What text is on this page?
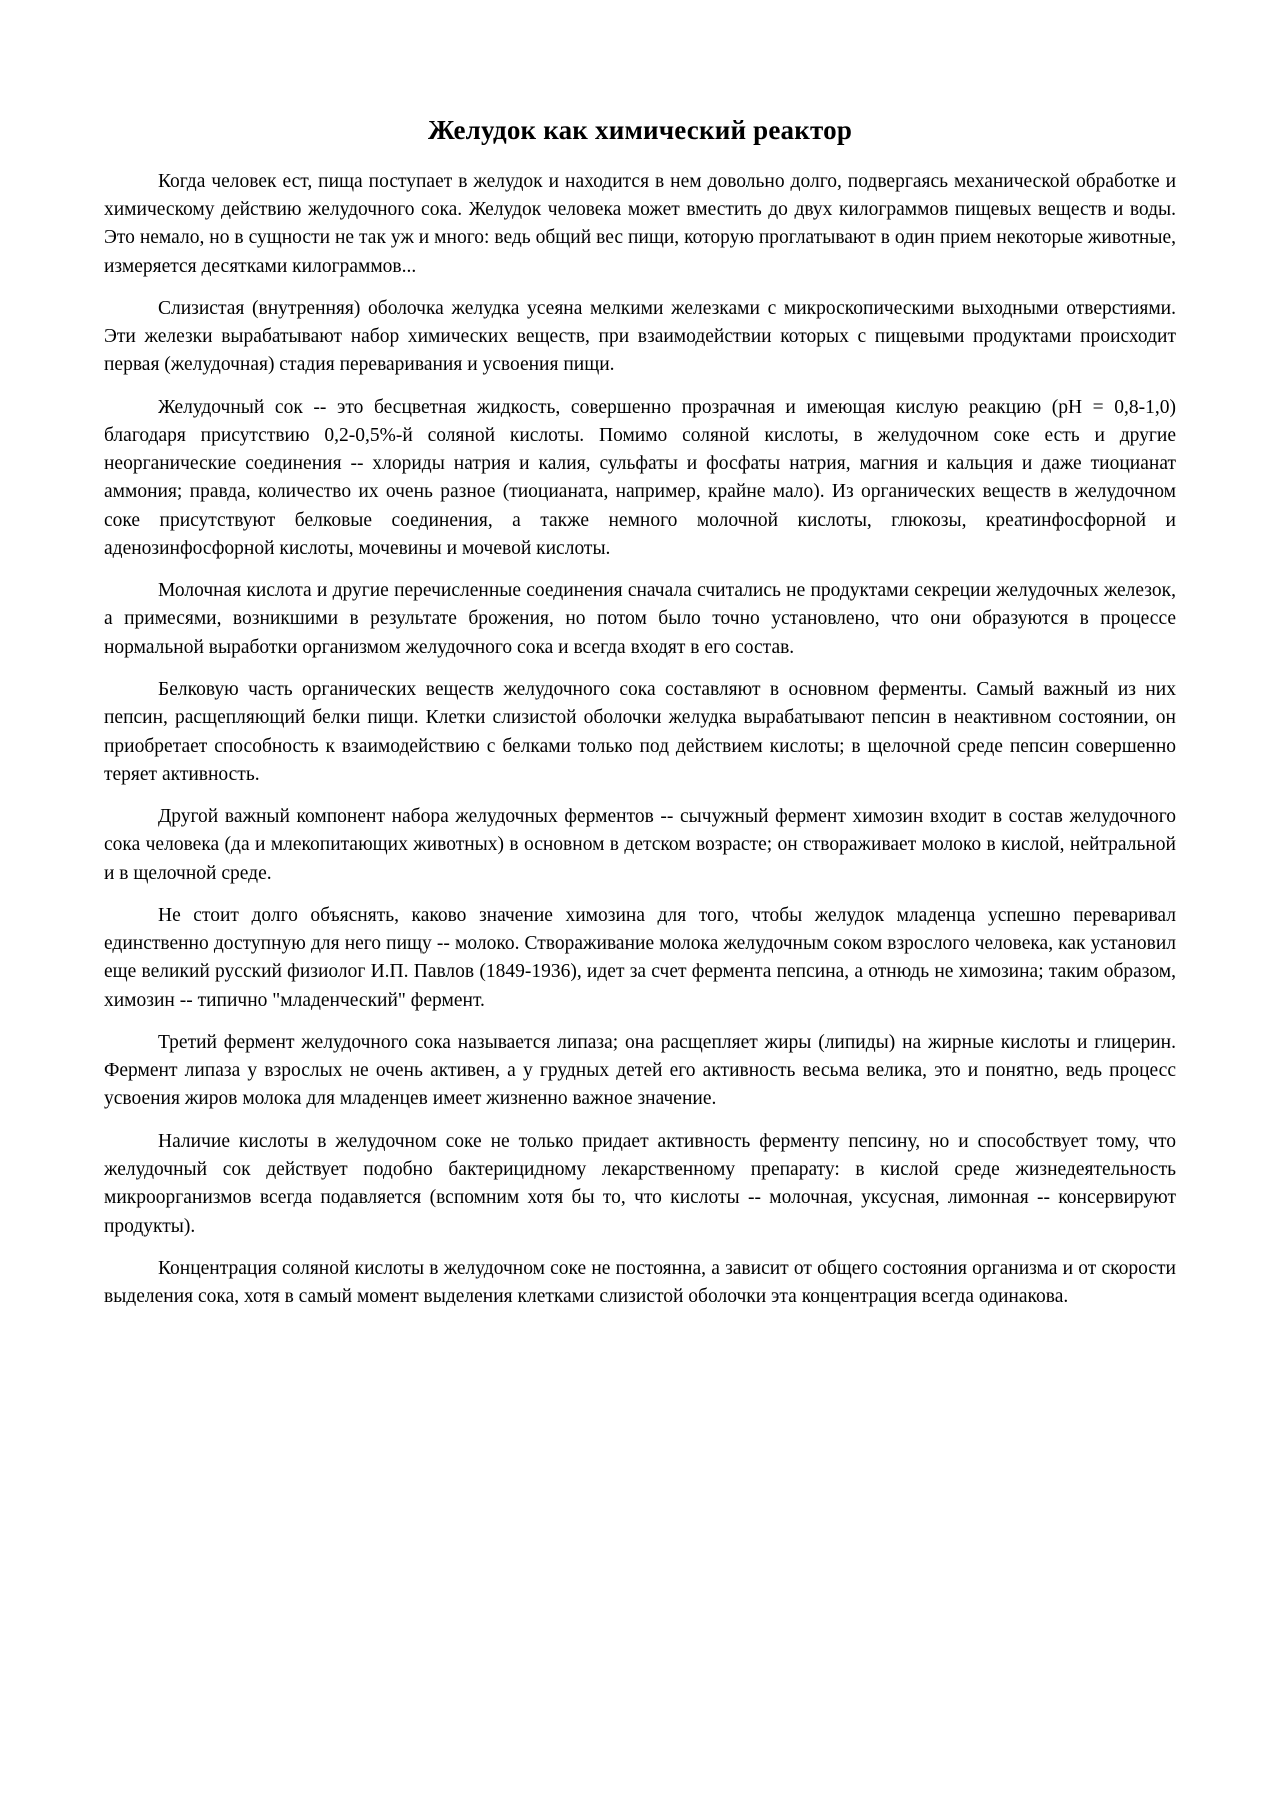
Желудок как химический реактор

Когда человек ест, пища поступает в желудок и находится в нем довольно долго, подвергаясь механической обработке и химическому действию желудочного сока. Желудок человека может вместить до двух килограммов пищевых веществ и воды. Это немало, но в сущности не так уж и много: ведь общий вес пищи, которую проглатывают в один прием некоторые животные, измеряется десятками килограммов...

Слизистая (внутренняя) оболочка желудка усеяна мелкими железками с микроскопическими выходными отверстиями. Эти железки вырабатывают набор химических веществ, при взаимодействии которых с пищевыми продуктами происходит первая (желудочная) стадия переваривания и усвоения пищи.

Желудочный сок -- это бесцветная жидкость, совершенно прозрачная и имеющая кислую реакцию (pH = 0,8-1,0) благодаря присутствию 0,2-0,5%-й соляной кислоты. Помимо соляной кислоты, в желудочном соке есть и другие неорганические соединения -- хлориды натрия и калия, сульфаты и фосфаты натрия, магния и кальция и даже тиоцианат аммония; правда, количество их очень разное (тиоцианата, например, крайне мало). Из органических веществ в желудочном соке присутствуют белковые соединения, а также немного молочной кислоты, глюкозы, креатинфосфорной и аденозинфосфорной кислоты, мочевины и мочевой кислоты.

Молочная кислота и другие перечисленные соединения сначала считались не продуктами секреции желудочных железок, а примесями, возникшими в результате брожения, но потом было точно установлено, что они образуются в процессе нормальной выработки организмом желудочного сока и всегда входят в его состав.

Белковую часть органических веществ желудочного сока составляют в основном ферменты. Самый важный из них пепсин, расщепляющий белки пищи. Клетки слизистой оболочки желудка вырабатывают пепсин в неактивном состоянии, он приобретает способность к взаимодействию с белками только под действием кислоты; в щелочной среде пепсин совершенно теряет активность.

Другой важный компонент набора желудочных ферментов -- сычужный фермент химозин входит в состав желудочного сока человека (да и млекопитающих животных) в основном в детском возрасте; он створаживает молоко в кислой, нейтральной и в щелочной среде.

Не стоит долго объяснять, каково значение химозина для того, чтобы желудок младенца успешно переваривал единственно доступную для него пищу -- молоко. Створаживание молока желудочным соком взрослого человека, как установил еще великий русский физиолог И.П. Павлов (1849-1936), идет за счет фермента пепсина, а отнюдь не химозина; таким образом, химозин -- типично "младенческий" фермент.

Третий фермент желудочного сока называется липаза; она расщепляет жиры (липиды) на жирные кислоты и глицерин. Фермент липаза у взрослых не очень активен, а у грудных детей его активность весьма велика, это и понятно, ведь процесс усвоения жиров молока для младенцев имеет жизненно важное значение.

Наличие кислоты в желудочном соке не только придает активность ферменту пепсину, но и способствует тому, что желудочный сок действует подобно бактерицидному лекарственному препарату: в кислой среде жизнедеятельность микроорганизмов всегда подавляется (вспомним хотя бы то, что кислоты -- молочная, уксусная, лимонная -- консервируют продукты).

Концентрация соляной кислоты в желудочном соке не постоянна, а зависит от общего состояния организма и от скорости выделения сока, хотя в самый момент выделения клетками слизистой оболочки эта концентрация всегда одинакова.
